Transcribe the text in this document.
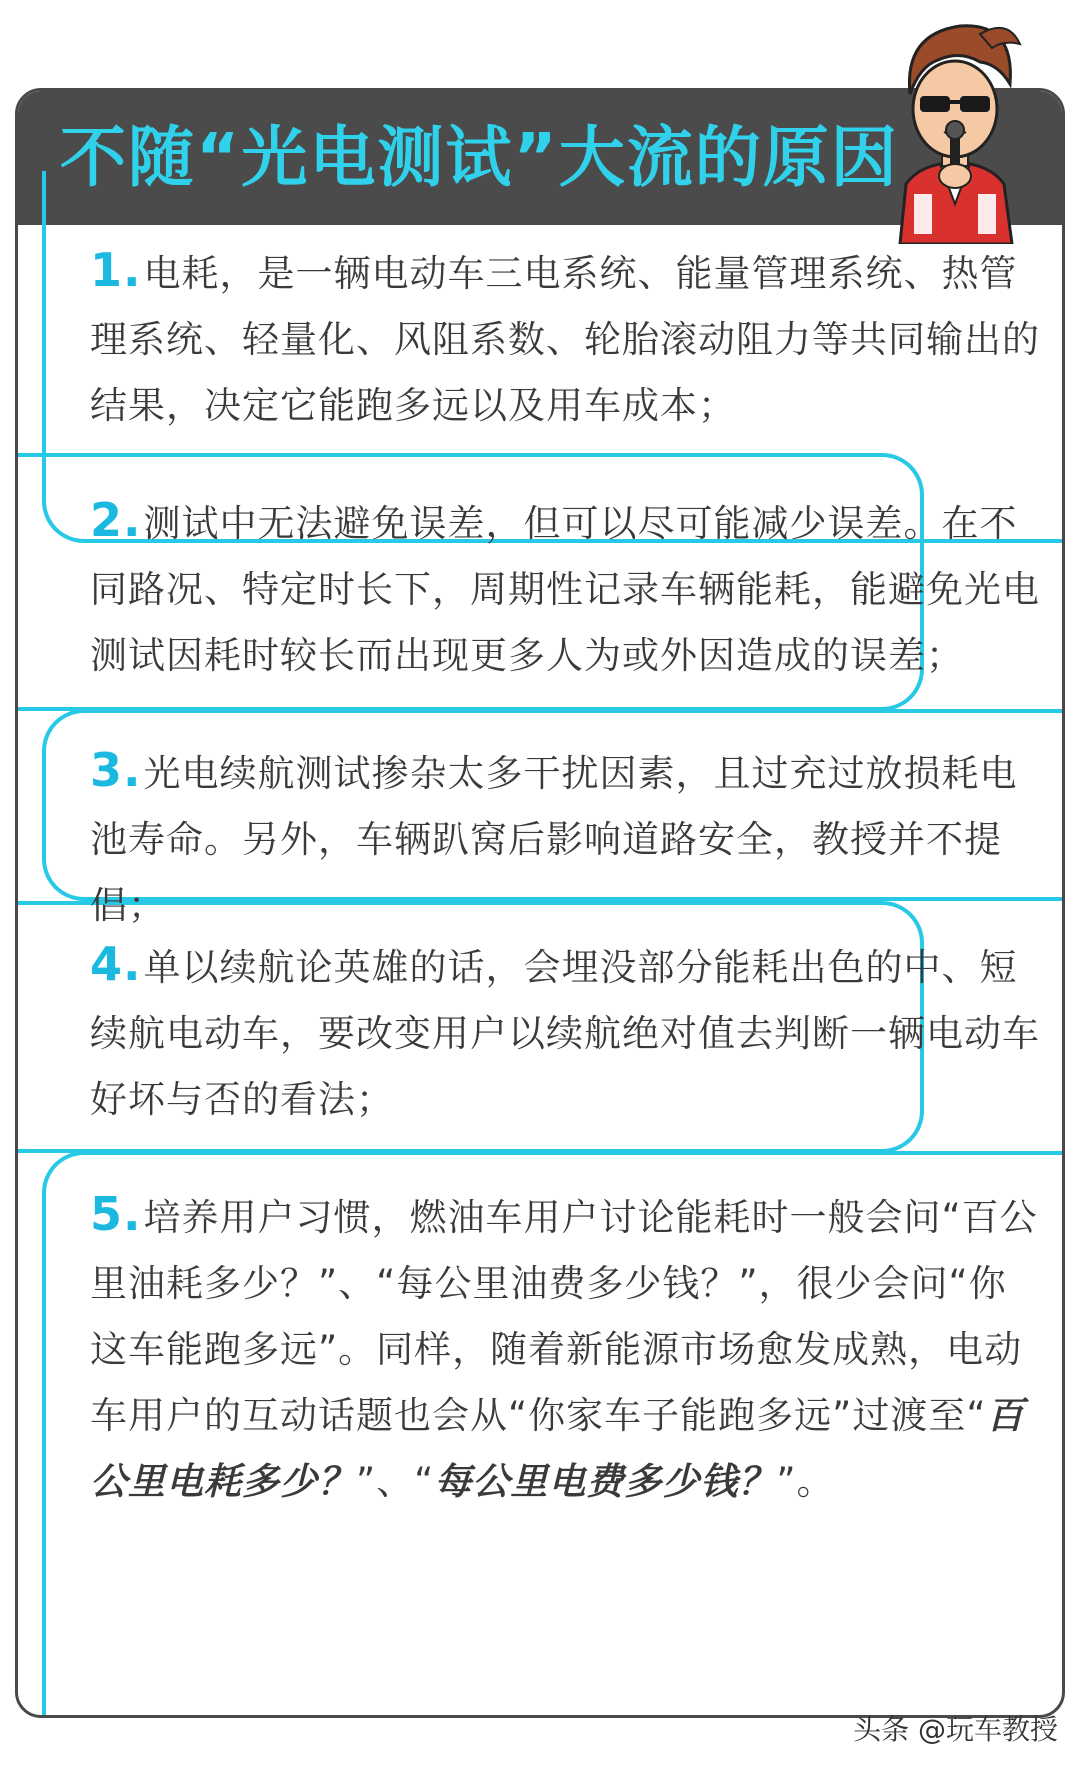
不随“光电测试”大流的原因
1.电耗，是一辆电动车三电系统、能量管理系统、热管理系统、轻量化、风阻系数、轮胎滚动阻力等共同输出的结果，决定它能跑多远以及用车成本；
2.测试中无法避免误差，但可以尽可能减少误差。在不同路况、特定时长下，周期性记录车辆能耗，能避免光电测试因耗时较长而出现更多人为或外因造成的误差；
3.光电续航测试掺杂太多干扰因素，且过充过放损耗电池寿命。另外，车辆趴窝后影响道路安全，教授并不提倡；
4.单以续航论英雄的话，会埋没部分能耗出色的中、短续航电动车，要改变用户以续航绝对值去判断一辆电动车好坏与否的看法；
5.培养用户习惯，燃油车用户讨论能耗时一般会问“百公里油耗多少？”、“每公里油费多少钱？”，很少会问“你这车能跑多远”。同样，随着新能源市场愈发成熟，电动车用户的互动话题也会从“你家车子能跑多远”过渡至“百公里电耗多少？”、“每公里电费多少钱？”。
头条 @玩车教授
